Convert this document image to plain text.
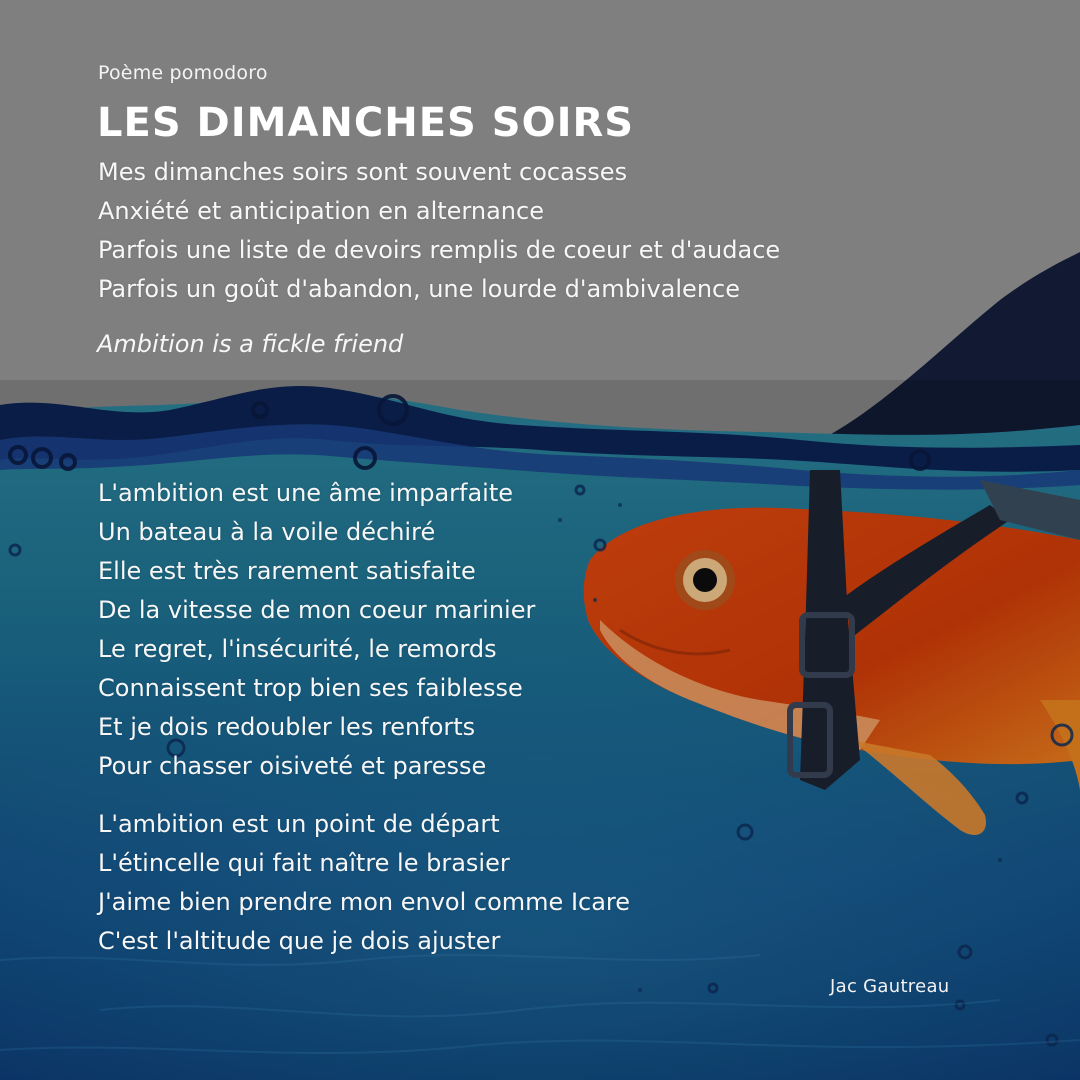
Poème pomodoro
LES DIMANCHES SOIRS
Mes dimanches soirs sont souvent cocasses
Anxiété et anticipation en alternance
Parfois une liste de devoirs remplis de coeur et d'audace
Parfois un goût d'abandon, une lourde d'ambivalence
Ambition is a fickle friend
L'ambition est une âme imparfaite
Un bateau à la voile déchiré
Elle est très rarement satisfaite
De la vitesse de mon coeur marinier
Le regret, l'insécurité, le remords
Connaissent trop bien ses faiblesse
Et je dois redoubler les renforts
Pour chasser oisiveté et paresse
L'ambition est un point de départ
L'étincelle qui fait naître le brasier
J'aime bien prendre mon envol comme Icare
C'est l'altitude que je dois ajuster
Jac Gautreau
